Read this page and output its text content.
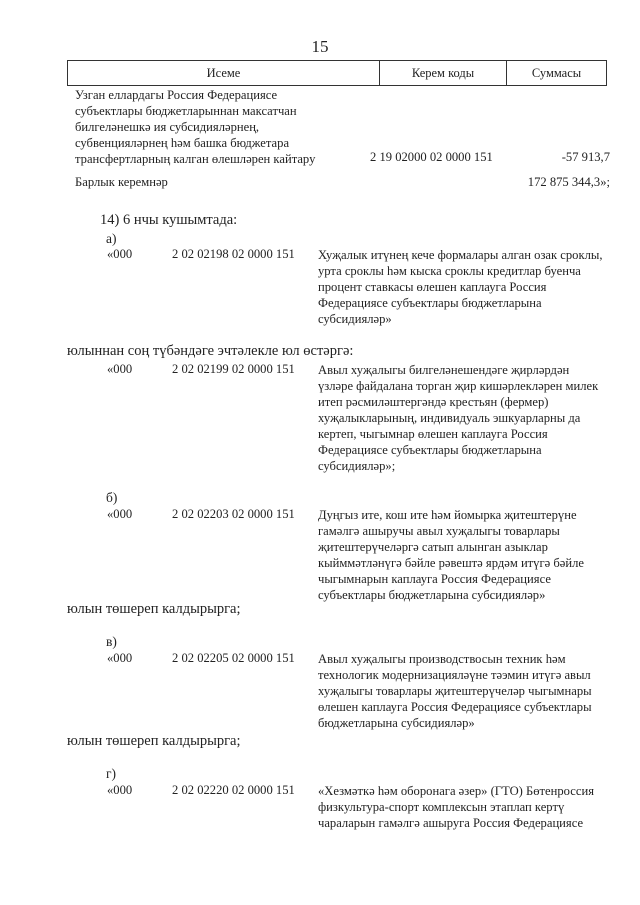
15
Исеме	Керем коды	Суммасы
Узган еллардагы Россия Федерациясе
субъектлары бюджетларыннан максатчан
билгеләнешкә ия субсидияләрнең,
субвенцияләрнең һәм башка бюджетара
трансфертларның калган өлешләрен кайтару	2 19 02000 02 0000 151	-57 913,7
Барлык керемнәр	172 875 344,3»;
14) 6 нчы кушымтада:
а)
«000	2 02 02198 02 0000 151 Хуҗалык итүнең кече формалары алган озак сроклы,
урта сроклы һәм кыска сроклы кредитлар буенча
процент ставкасы өлешен каплауга Россия
Федерациясе субъектлары бюджетларына
субсидияләр»
юлыннан соң түбәндәге эчтәлекле юл өстәргә:
«000	2 02 02199 02 0000 151 Авыл хуҗалыгы билгеләнешендәге җирләрдән
үзләре файдалана торган җир кишәрлекләрен милек
итеп рәсмиләштергәндә крестьян (фермер)
хуҗалыкларының, индивидуаль эшкуарларны да
кертеп, чыгымнар өлешен каплауга Россия
Федерациясе субъектлары бюджетларына
субсидияләр»;
б)
«000	2 02 02203 02 0000 151 Дуңгыз ите, кош ите һәм йомырка җитештерүне
гамәлгә ашыручы авыл хуҗалыгы товарлары
җитештерүчеләргә сатып алынган азыклар
кыйммәтләнүгә бәйле рәвештә ярдәм итүгә бәйле
чыгымнарын каплауга Россия Федерациясе
субъектлары бюджетларына субсидияләр»
юлын төшереп калдырырга;
в)
«000	2 02 02205 02 0000 151 Авыл хуҗалыгы производствосын техник һәм
технологик модернизацияләүне тәэмин итүгә авыл
хуҗалыгы товарлары җитештерүчеләр чыгымнары
өлешен каплауга Россия Федерациясе субъектлары
бюджетларына субсидияләр»
юлын төшереп калдырырга;
г)
«000	2 02 02220 02 0000 151 «Хезмәткә һәм оборонага әзер» (ГТО) Бөтенроссия
физкультура-спорт комплексын этаплап кертү
чараларын гамәлгә ашыруга Россия Федерациясе
